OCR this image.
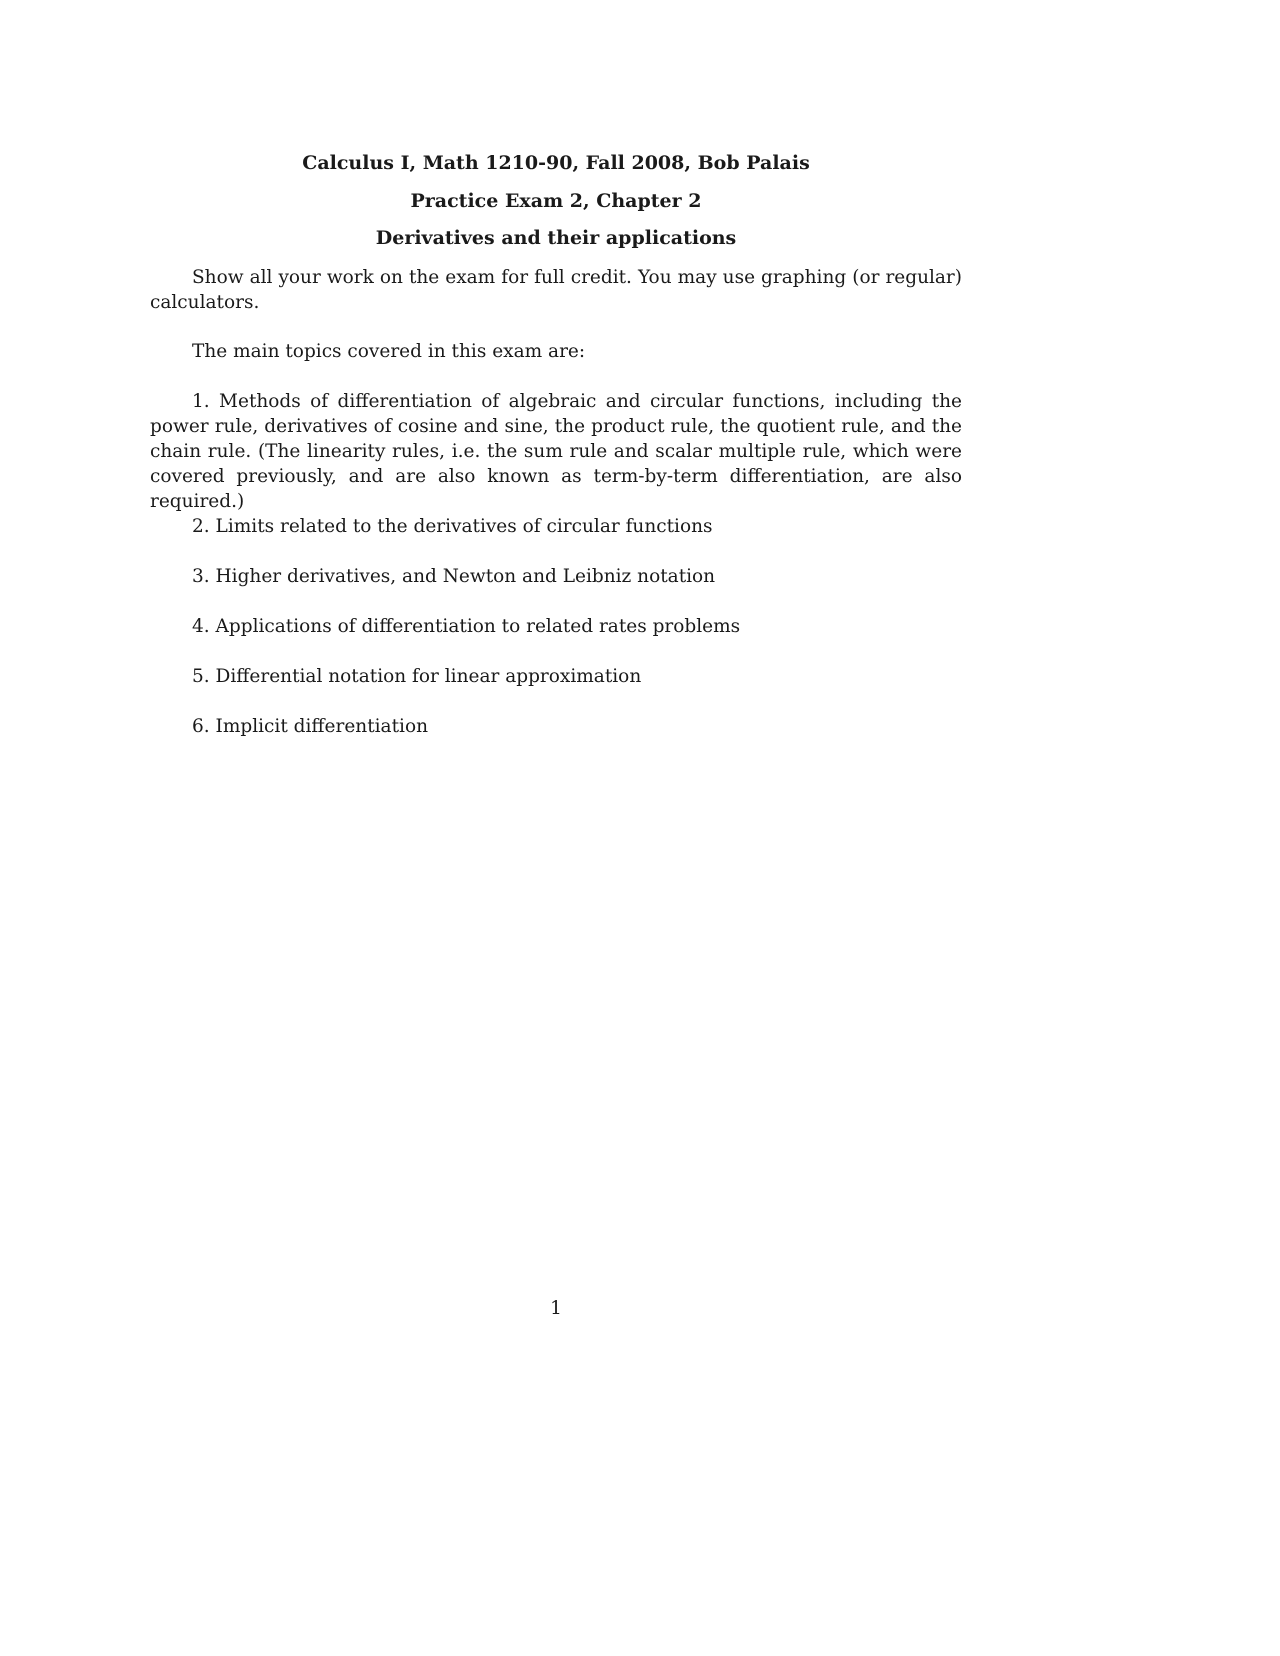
Calculus I, Math 1210-90, Fall 2008, Bob Palais
Practice Exam 2, Chapter 2
Derivatives and their applications
Show all your work on the exam for full credit. You may use graphing (or regular) calculators.
The main topics covered in this exam are:
1. Methods of differentiation of algebraic and circular functions, including the power rule, derivatives of cosine and sine, the product rule, the quotient rule, and the chain rule. (The linearity rules, i.e. the sum rule and scalar multiple rule, which were covered previously, and are also known as term-by-term differentiation, are also required.)
2. Limits related to the derivatives of circular functions
3. Higher derivatives, and Newton and Leibniz notation
4. Applications of differentiation to related rates problems
5. Differential notation for linear approximation
6. Implicit differentiation
1
